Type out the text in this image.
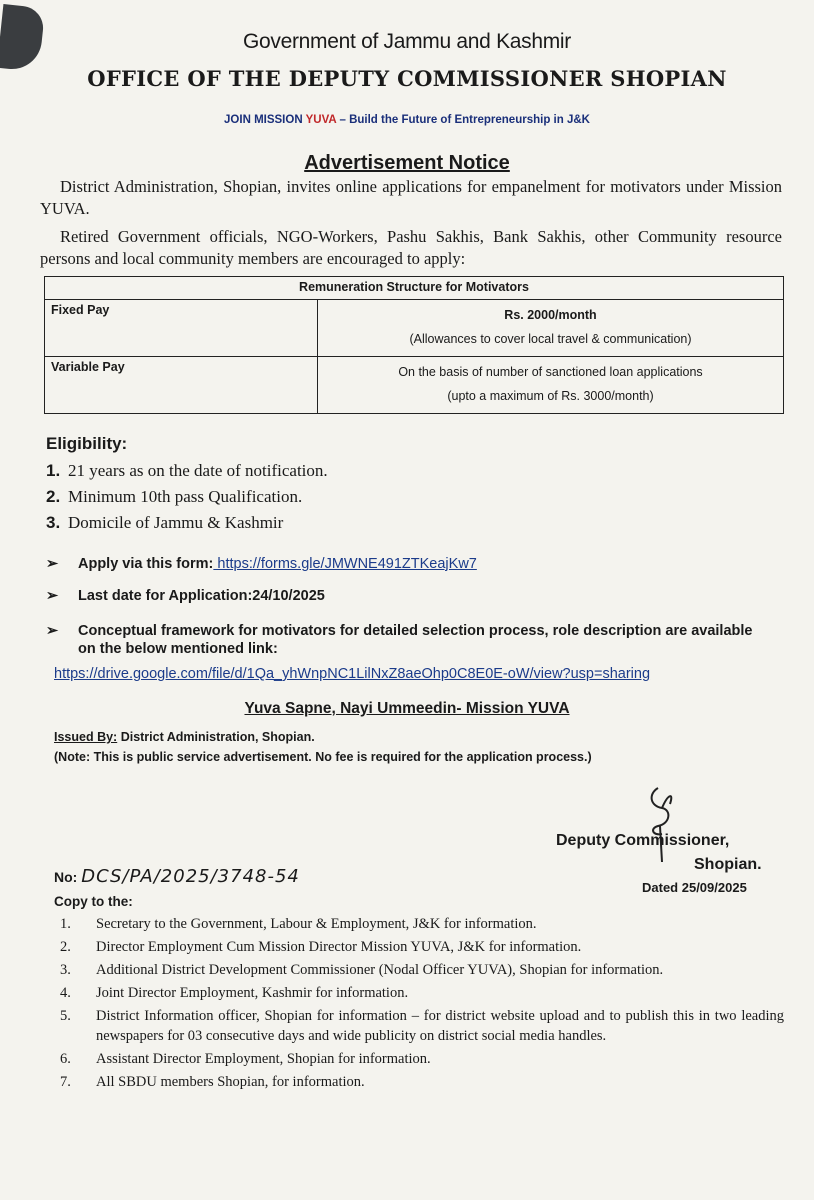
Government of Jammu and Kashmir
OFFICE OF THE DEPUTY COMMISSIONER SHOPIAN
JOIN MISSION YUVA – Build the Future of Entrepreneurship in J&K
Advertisement Notice
District Administration, Shopian, invites online applications for empanelment for motivators under Mission YUVA.
Retired Government officials, NGO-Workers, Pashu Sakhis, Bank Sakhis, other Community resource persons and local community members are encouraged to apply:
Remuneration Structure for Motivators	
Fixed Pay	Rs. 2000/month
(Allowances to cover local travel & communication)

Variable Pay	On the basis of number of sanctioned loan applications
(upto a maximum of Rs. 3000/month)
Eligibility:
1. 21 years as on the date of notification.
2. Minimum 10th pass Qualification.
3. Domicile of Jammu & Kashmir
➢ Apply via this form: https://forms.gle/JMWNE491ZTKeajKw7
➢ Last date for Application:24/10/2025
➢ Conceptual framework for motivators for detailed selection process, role description are available on the below mentioned link:
https://drive.google.com/file/d/1Qa_yhWnpNC1LilNxZ8aeOhp0C8E0E-oW/view?usp=sharing
Yuva Sapne, Nayi Ummeedin- Mission YUVA
Issued By: District Administration, Shopian.
(Note: This is public service advertisement. No fee is required for the application process.)
Deputy Commissioner,
Shopian.
Dated 25/09/2025
No: DCS/PA/2025/3748-54
Copy to the:
1.	Secretary to the Government, Labour & Employment, J&K for information.
2.	Director Employment Cum Mission Director Mission YUVA, J&K for information.
3.	Additional District Development Commissioner (Nodal Officer YUVA), Shopian for information.
4.	Joint Director Employment, Kashmir for information.
5.	District Information officer, Shopian for information – for district website upload and to publish this in two leading newspapers for 03 consecutive days and wide publicity on district social media handles.
6.	Assistant Director Employment, Shopian for information.
7.	All SBDU members Shopian, for information.
